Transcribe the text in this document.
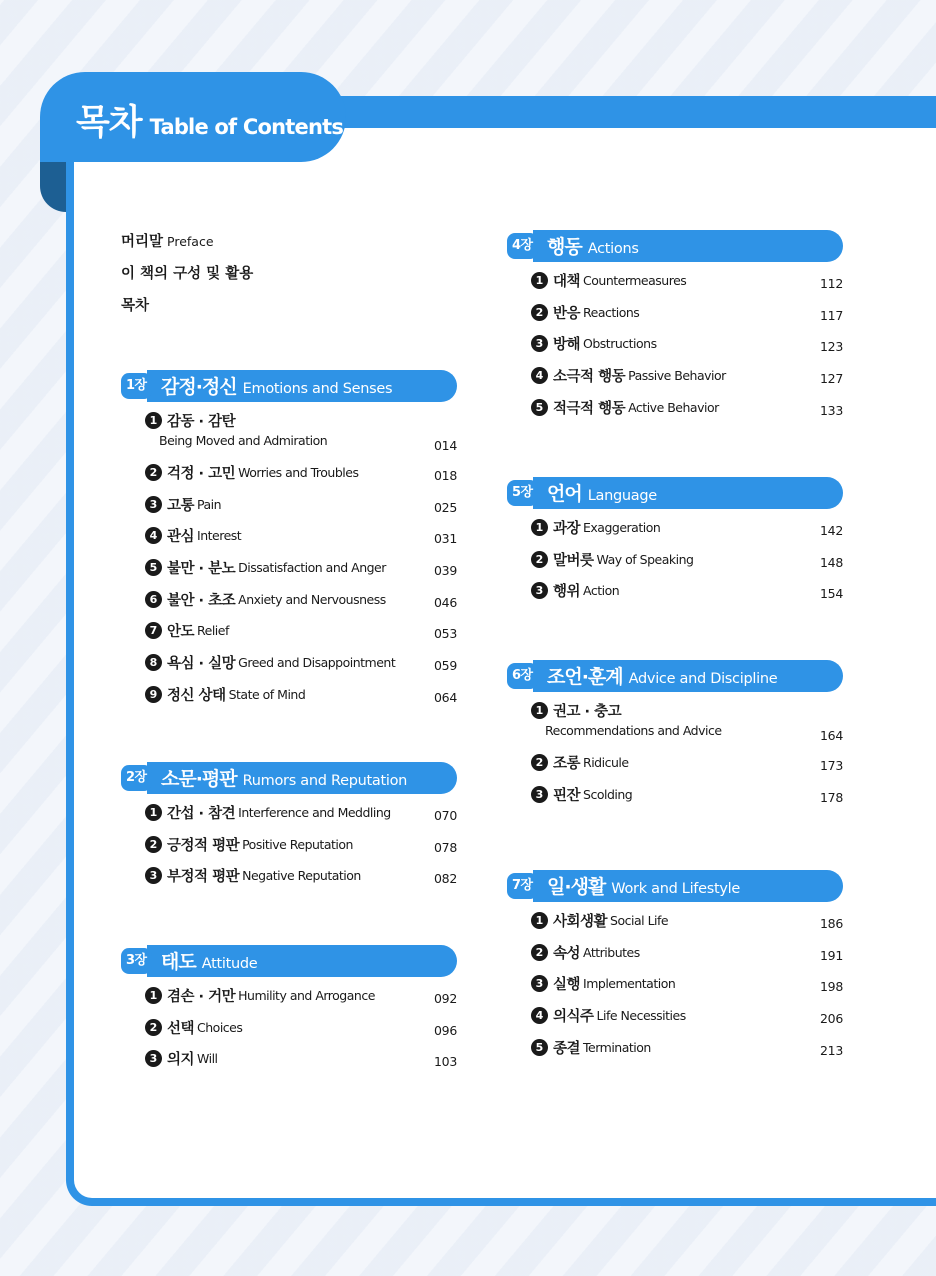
목차 Table of Contents
머리말 Preface
이 책의 구성 및 활용
목차
1장 감정·정신 Emotions and Senses
1 감동 · 감탄
Being Moved and Admiration	014
2 걱정 · 고민 Worries and Troubles	018
3 고통 Pain	025
4 관심 Interest	031
5 불만 · 분노 Dissatisfaction and Anger	039
6 불안 · 초조 Anxiety and Nervousness	046
7 안도 Relief	053
8 욕심 · 실망 Greed and Disappointment	059
9 정신 상태 State of Mind	064
2장 소문·평판 Rumors and Reputation
1 간섭 · 참견 Interference and Meddling	070
2 긍정적 평판 Positive Reputation	078
3 부정적 평판 Negative Reputation	082
3장 태도 Attitude
1 겸손 · 거만 Humility and Arrogance	092
2 선택 Choices	096
3 의지 Will	103
4장 행동 Actions
1 대책 Countermeasures	112
2 반응 Reactions	117
3 방해 Obstructions	123
4 소극적 행동 Passive Behavior	127
5 적극적 행동 Active Behavior	133
5장 언어 Language
1 과장 Exaggeration	142
2 말버릇 Way of Speaking	148
3 행위 Action	154
6장 조언·훈계 Advice and Discipline
1 권고 · 충고
Recommendations and Advice	164
2 조롱 Ridicule	173
3 핀잔 Scolding	178
7장 일·생활 Work and Lifestyle
1 사회생활 Social Life	186
2 속성 Attributes	191
3 실행 Implementation	198
4 의식주 Life Necessities	206
5 종결 Termination	213
